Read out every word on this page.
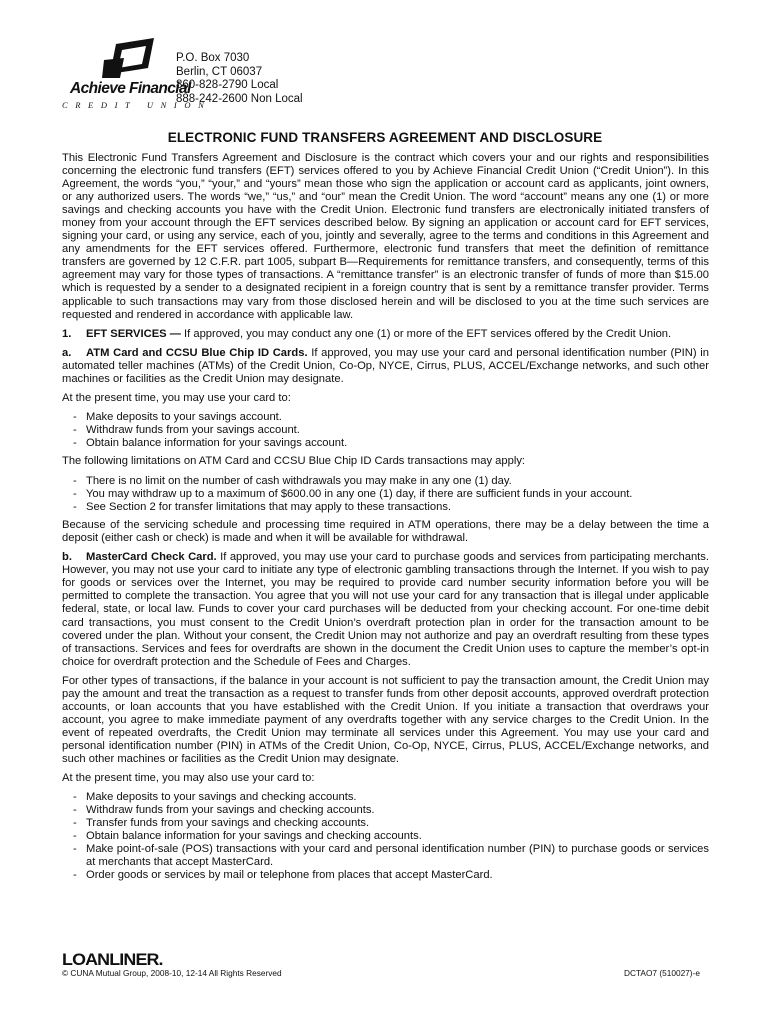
Achieve Financial
CREDIT UNION
P.O. Box 7030
Berlin, CT 06037
860-828-2790 Local
888-242-2600 Non Local
ELECTRONIC FUND TRANSFERS AGREEMENT AND DISCLOSURE

This Electronic Fund Transfers Agreement and Disclosure is the contract which covers your and our rights and responsibilities concerning the electronic fund transfers (EFT) services offered to you by Achieve Financial Credit Union (“Credit Union”). In this Agreement, the words “you,” “your,” and “yours” mean those who sign the application or account card as applicants, joint owners, or any authorized users. The words “we,” “us,” and “our” mean the Credit Union. The word “account” means any one (1) or more savings and checking accounts you have with the Credit Union. Electronic fund transfers are electronically initiated transfers of money from your account through the EFT services described below. By signing an application or account card for EFT services, signing your card, or using any service, each of you, jointly and severally, agree to the terms and conditions in this Agreement and any amendments for the EFT services offered. Furthermore, electronic fund transfers that meet the definition of remittance transfers are governed by 12 C.F.R. part 1005, subpart B—Requirements for remittance transfers, and consequently, terms of this agreement may vary for those types of transactions. A “remittance transfer” is an electronic transfer of funds of more than $15.00 which is requested by a sender to a designated recipient in a foreign country that is sent by a remittance transfer provider. Terms applicable to such transactions may vary from those disclosed herein and will be disclosed to you at the time such services are requested and rendered in accordance with applicable law.

1. EFT SERVICES — If approved, you may conduct any one (1) or more of the EFT services offered by the Credit Union.

a. ATM Card and CCSU Blue Chip ID Cards. If approved, you may use your card and personal identification number (PIN) in automated teller machines (ATMs) of the Credit Union, Co-Op, NYCE, Cirrus, PLUS, ACCEL/Exchange networks, and such other machines or facilities as the Credit Union may designate.

At the present time, you may use your card to:

- Make deposits to your savings account.
- Withdraw funds from your savings account.
- Obtain balance information for your savings account.

The following limitations on ATM Card and CCSU Blue Chip ID Cards transactions may apply:

- There is no limit on the number of cash withdrawals you may make in any one (1) day.
- You may withdraw up to a maximum of $600.00 in any one (1) day, if there are sufficient funds in your account.
- See Section 2 for transfer limitations that may apply to these transactions.

Because of the servicing schedule and processing time required in ATM operations, there may be a delay between the time a deposit (either cash or check) is made and when it will be available for withdrawal.

b. MasterCard Check Card. If approved, you may use your card to purchase goods and services from participating merchants. However, you may not use your card to initiate any type of electronic gambling transactions through the Internet. If you wish to pay for goods or services over the Internet, you may be required to provide card number security information before you will be permitted to complete the transaction. You agree that you will not use your card for any transaction that is illegal under applicable federal, state, or local law. Funds to cover your card purchases will be deducted from your checking account. For one-time debit card transactions, you must consent to the Credit Union’s overdraft protection plan in order for the transaction amount to be covered under the plan. Without your consent, the Credit Union may not authorize and pay an overdraft resulting from these types of transactions. Services and fees for overdrafts are shown in the document the Credit Union uses to capture the member’s opt-in choice for overdraft protection and the Schedule of Fees and Charges.

For other types of transactions, if the balance in your account is not sufficient to pay the transaction amount, the Credit Union may pay the amount and treat the transaction as a request to transfer funds from other deposit accounts, approved overdraft protection accounts, or loan accounts that you have established with the Credit Union. If you initiate a transaction that overdraws your account, you agree to make immediate payment of any overdrafts together with any service charges to the Credit Union. In the event of repeated overdrafts, the Credit Union may terminate all services under this Agreement. You may use your card and personal identification number (PIN) in ATMs of the Credit Union, Co-Op, NYCE, Cirrus, PLUS, ACCEL/Exchange networks, and such other machines or facilities as the Credit Union may designate.

At the present time, you may also use your card to:

- Make deposits to your savings and checking accounts.
- Withdraw funds from your savings and checking accounts.
- Transfer funds from your savings and checking accounts.
- Obtain balance information for your savings and checking accounts.
- Make point-of-sale (POS) transactions with your card and personal identification number (PIN) to purchase goods or services at merchants that accept MasterCard.
- Order goods or services by mail or telephone from places that accept MasterCard.
LOANLINER.
© CUNA Mutual Group, 2008-10, 12-14 All Rights Reserved	DCTAO7 (510027)-e
